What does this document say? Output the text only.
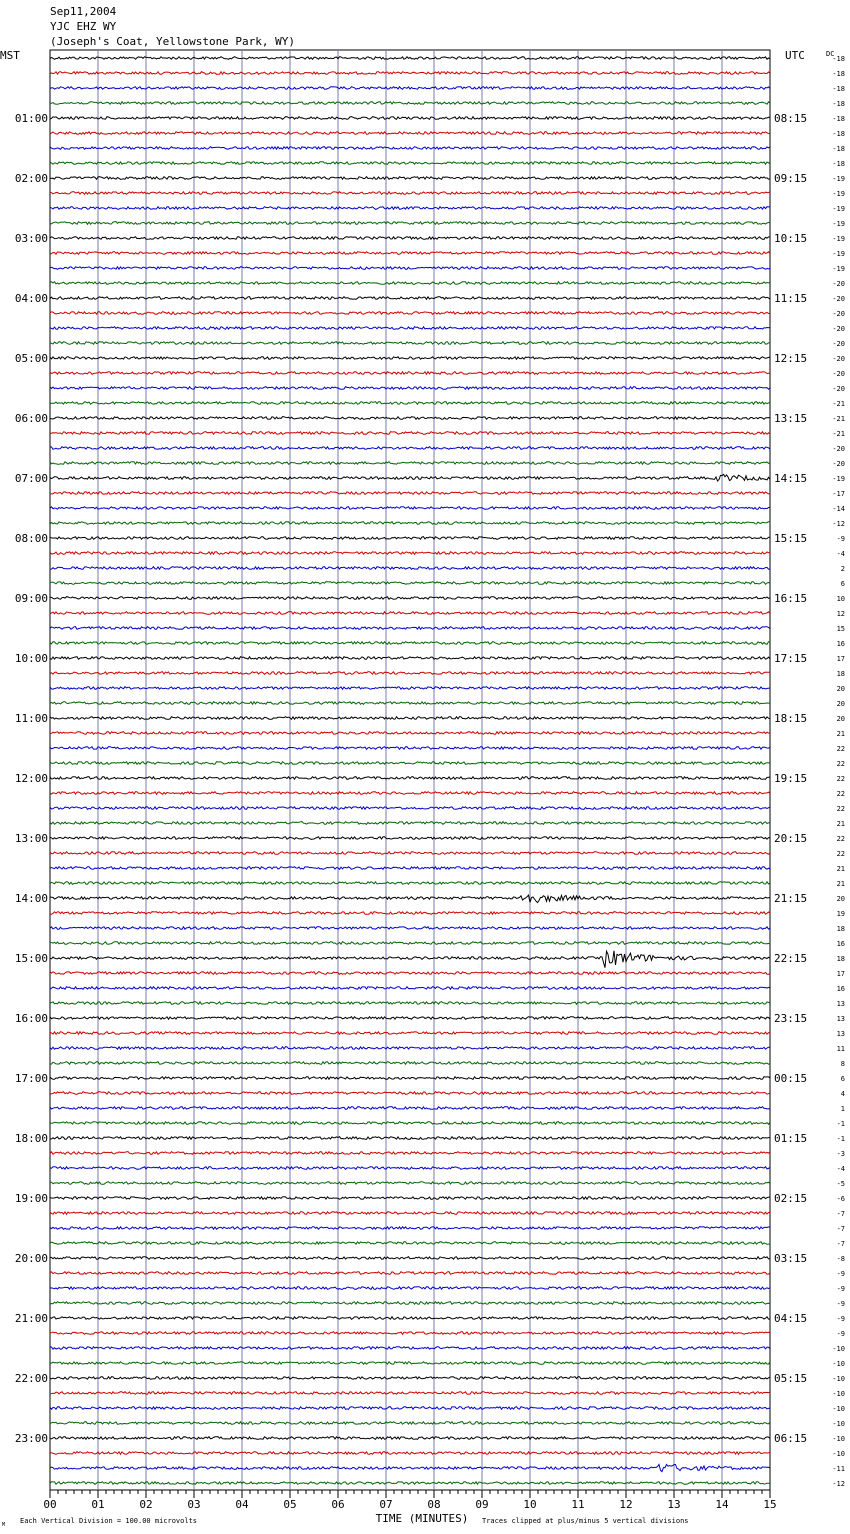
Sep11,2004
YJC EHZ WY
(Joseph's Coat, Yellowstone Park, WY)
MST	UTC	-18
-18
-18
-18
-18
-18
-18
-18
-19
-19
-19
-19
-19
-19
-19
-20
-20
-20
-20
-20
-20
-20
-20
-21
-21
-21
-20
-20
-19
-17
-14
-12
-9
-4
2
6
10
12
15
16
17
18
20
20
20
21
22
22
22
22
22
21
22
22
21
21
20
19
18
16
18
17
16
13
13
13
11
8
6
4
1
-1
-1
-3
-4
-5
-6
-7
-7
-7
-8
-9
-9
-9
-9
-9
-10
-10
-10
-10
-10
-10
-10
-10
-11
-12
DC
01:00	08:15
02:00	09:15
03:00	10:15
04:00	11:15
05:00	12:15
06:00	13:15
07:00	14:15
08:00	15:15
09:00	16:15
10:00	17:15
11:00	18:15
12:00	19:15
13:00	20:15
14:00	21:15
15:00	22:15
16:00	23:15
17:00	00:15
18:00	01:15
19:00	02:15
20:00	03:15
21:00	04:15
22:00	05:15
23:00	06:15
00	01	02	03	04	05	06	07	08	09	10	11	12	13	14	15
TIME (MINUTES)
Each Vertical Division = 100.00 microvolts	Traces clipped at plus/minus 5 vertical divisions
M
